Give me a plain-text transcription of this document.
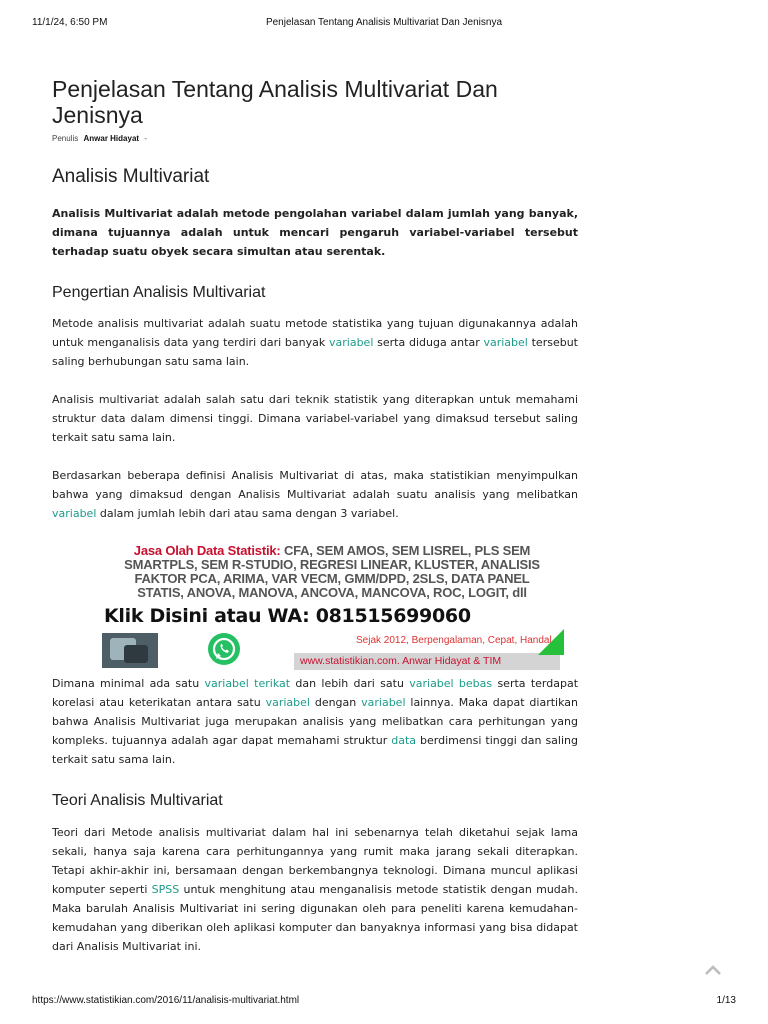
11/1/24, 6:50 PM	Penjelasan Tentang Analisis Multivariat Dan Jenisnya
Penjelasan Tentang Analisis Multivariat Dan Jenisnya
Penulis Anwar Hidayat -
Analisis Multivariat

Analisis Multivariat adalah metode pengolahan variabel dalam jumlah yang banyak, dimana tujuannya adalah untuk mencari pengaruh variabel-variabel tersebut terhadap suatu obyek secara simultan atau serentak.

Pengertian Analisis Multivariat

Metode analisis multivariat adalah suatu metode statistika yang tujuan digunakannya adalah untuk menganalisis data yang terdiri dari banyak variabel serta diduga antar variabel tersebut saling berhubungan satu sama lain.

Analisis multivariat adalah salah satu dari teknik statistik yang diterapkan untuk memahami struktur data dalam dimensi tinggi. Dimana variabel-variabel yang dimaksud tersebut saling terkait satu sama lain.

Berdasarkan beberapa definisi Analisis Multivariat di atas, maka statistikian menyimpulkan bahwa yang dimaksud dengan Analisis Multivariat adalah suatu analisis yang melibatkan variabel dalam jumlah lebih dari atau sama dengan 3 variabel.

Jasa Olah Data Statistik: CFA, SEM AMOS, SEM LISREL, PLS SEM
SMARTPLS, SEM R-STUDIO, REGRESI LINEAR, KLUSTER, ANALISIS
FAKTOR PCA, ARIMA, VAR VECM, GMM/DPD, 2SLS, DATA PANEL
STATIS, ANOVA, MANOVA, ANCOVA, MANCOVA, ROC, LOGIT, dll
Klik Disini atau WA: 081515699060
Sejak 2012, Berpengalaman, Cepat, Handal
www.statistikian.com. Anwar Hidayat & TIM

Dimana minimal ada satu variabel terikat dan lebih dari satu variabel bebas serta terdapat korelasi atau keterikatan antara satu variabel dengan variabel lainnya. Maka dapat diartikan bahwa Analisis Multivariat juga merupakan analisis yang melibatkan cara perhitungan yang kompleks. tujuannya adalah agar dapat memahami struktur data berdimensi tinggi dan saling terkait satu sama lain.

Teori Analisis Multivariat

Teori dari Metode analisis multivariat dalam hal ini sebenarnya telah diketahui sejak lama sekali, hanya saja karena cara perhitungannya yang rumit maka jarang sekali diterapkan. Tetapi akhir-akhir ini, bersamaan dengan berkembangnya teknologi. Dimana muncul aplikasi komputer seperti SPSS untuk menghitung atau menganalisis metode statistik dengan mudah. Maka barulah Analisis Multivariat ini sering digunakan oleh para peneliti karena kemudahan-kemudahan yang diberikan oleh aplikasi komputer dan banyaknya informasi yang bisa didapat dari Analisis Multivariat ini.

https://www.statistikian.com/2016/11/analisis-multivariat.html	1/13
